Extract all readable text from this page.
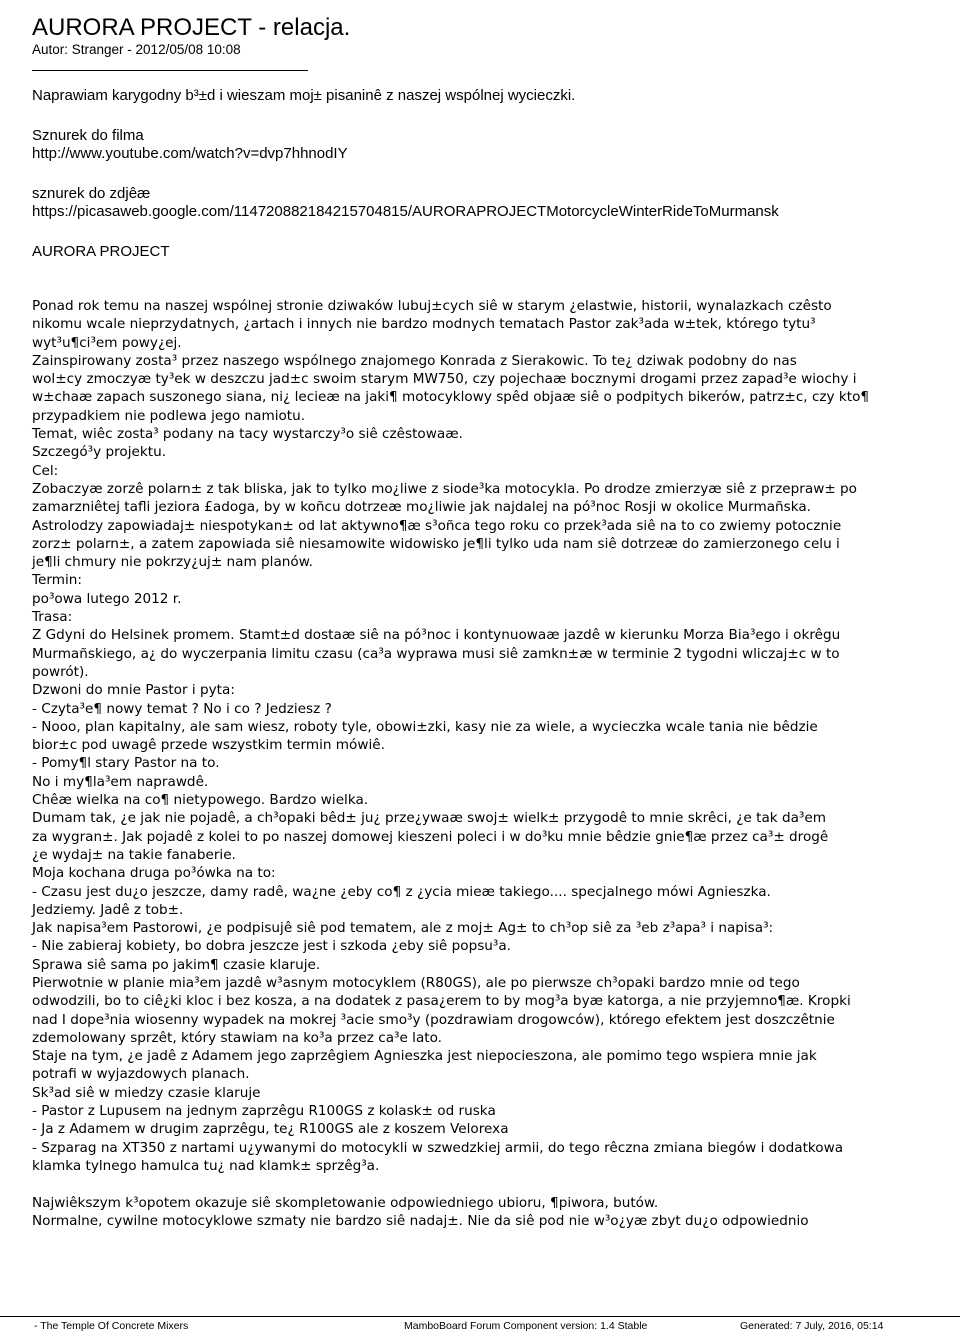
AURORA PROJECT - relacja.

Autor: Stranger - 2012/05/08 10:08

Naprawiam karygodny b³±d i wieszam moj± pisaninê z naszej wspólnej wycieczki.

Sznurek do filma

http://www.youtube.com/watch?v=dvp7hhnodIY

sznurek do zdjêæ

https://picasaweb.google.com/114720882184215704815/AURORAPROJECTMotorcycleWinterRideToMurmansk

AURORA PROJECT

Ponad rok temu na naszej wspólnej stronie dziwaków lubuj±cych siê w starym ¿elastwie, historii, wynalazkach czêsto
nikomu wcale nieprzydatnych, ¿artach i innych nie bardzo modnych tematach Pastor zak³ada w±tek, którego tytu³
wyt³u¶ci³em powy¿ej.
Zainspirowany zosta³ przez naszego wspólnego znajomego Konrada z Sierakowic. To te¿ dziwak podobny do nas
wol±cy zmoczyæ ty³ek w deszczu jad±c swoim starym MW750, czy pojechaæ bocznymi drogami przez zapad³e wiochy i
w±chaæ zapach suszonego siana, ni¿ lecieæ na jaki¶ motocyklowy spêd objaæ siê o podpitych bikerów, patrz±c, czy kto¶
przypadkiem nie podlewa jego namiotu.
Temat, wiêc zosta³ podany na tacy wystarczy³o siê czêstowaæ.
Szczegó³y projektu.
Cel:
Zobaczyæ zorzê polarn± z tak bliska, jak to tylko mo¿liwe z siode³ka motocykla. Po drodze zmierzyæ siê z przepraw± po
zamarzniêtej tafli jeziora £adoga, by w koñcu dotrzeæ mo¿liwie jak najdalej na pó³noc Rosji w okolice Murmañska.
Astrolodzy zapowiadaj± niespotykan± od lat aktywno¶æ s³oñca tego roku co przek³ada siê na to co zwiemy potocznie
zorz± polarn±, a zatem zapowiada siê niesamowite widowisko je¶li tylko uda nam siê dotrzeæ do zamierzonego celu i
je¶li chmury nie pokrzy¿uj± nam planów.
Termin:
po³owa lutego 2012 r.
Trasa:
Z Gdyni do Helsinek promem. Stamt±d dostaæ siê na pó³noc i kontynuowaæ jazdê w kierunku Morza Bia³ego i okrêgu
Murmañskiego, a¿ do wyczerpania limitu czasu (ca³a wyprawa musi siê zamkn±æ w terminie 2 tygodni wliczaj±c w to
powrót).
Dzwoni do mnie Pastor i pyta:
- Czyta³e¶ nowy temat ? No i co ? Jedziesz ?
- Nooo, plan kapitalny, ale sam wiesz, roboty tyle, obowi±zki, kasy nie za wiele, a wycieczka wcale tania nie bêdzie
bior±c pod uwagê przede wszystkim termin mówiê.
- Pomy¶l stary Pastor na to.
No i my¶la³em naprawdê.
Chêæ wielka na co¶ nietypowego. Bardzo wielka.
Dumam tak, ¿e jak nie pojadê, a ch³opaki bêd± ju¿ prze¿ywaæ swoj± wielk± przygodê to mnie skrêci, ¿e tak da³em
za wygran±. Jak pojadê z kolei to po naszej domowej kieszeni poleci i w do³ku mnie bêdzie gnie¶æ przez ca³± drogê
¿e wydaj± na takie fanaberie.
Moja kochana druga po³ówka na to:
- Czasu jest du¿o jeszcze, damy radê, wa¿ne ¿eby co¶ z ¿ycia mieæ takiego.... specjalnego mówi Agnieszka.
Jedziemy. Jadê z tob±.
Jak napisa³em Pastorowi, ¿e podpisujê siê pod tematem, ale z moj± Ag± to ch³op siê za ³eb z³apa³ i napisa³:
- Nie zabieraj kobiety, bo dobra jeszcze jest i szkoda ¿eby siê popsu³a.
Sprawa siê sama po jakim¶ czasie klaruje.
Pierwotnie w planie mia³em jazdê w³asnym motocyklem (R80GS), ale po pierwsze ch³opaki bardzo mnie od tego
odwodzili, bo to ciê¿ki kloc i bez kosza, a na dodatek z pasa¿erem to by mog³a byæ katorga, a nie przyjemno¶æ. Kropki
nad I dope³nia wiosenny wypadek na mokrej ³acie smo³y (pozdrawiam drogowców), którego efektem jest doszczêtnie
zdemolowany sprzêt, który stawiam na ko³a przez ca³e lato.
Staje na tym, ¿e jadê z Adamem jego zaprzêgiem Agnieszka jest niepocieszona, ale pomimo tego wspiera mnie jak
potrafi w wyjazdowych planach.
Sk³ad siê w miedzy czasie klaruje
- Pastor z Lupusem na jednym zaprzêgu R100GS z kolask± od ruska
- Ja z Adamem w drugim zaprzêgu, te¿ R100GS ale z koszem Velorexa
- Szparag na XT350 z nartami u¿ywanymi do motocykli w szwedzkiej armii, do tego rêczna zmiana biegów i dodatkowa
klamka tylnego hamulca tu¿ nad klamk± sprzêg³a.

Najwiêkszym k³opotem okazuje siê skompletowanie odpowiedniego ubioru, ¶piwora, butów.
Normalne, cywilne motocyklowe szmaty nie bardzo siê nadaj±. Nie da siê pod nie w³o¿yæ zbyt du¿o odpowiednio
- The Temple Of Concrete Mixers	MamboBoard Forum Component version: 1.4 Stable	Generated: 7 July, 2016, 05:14
